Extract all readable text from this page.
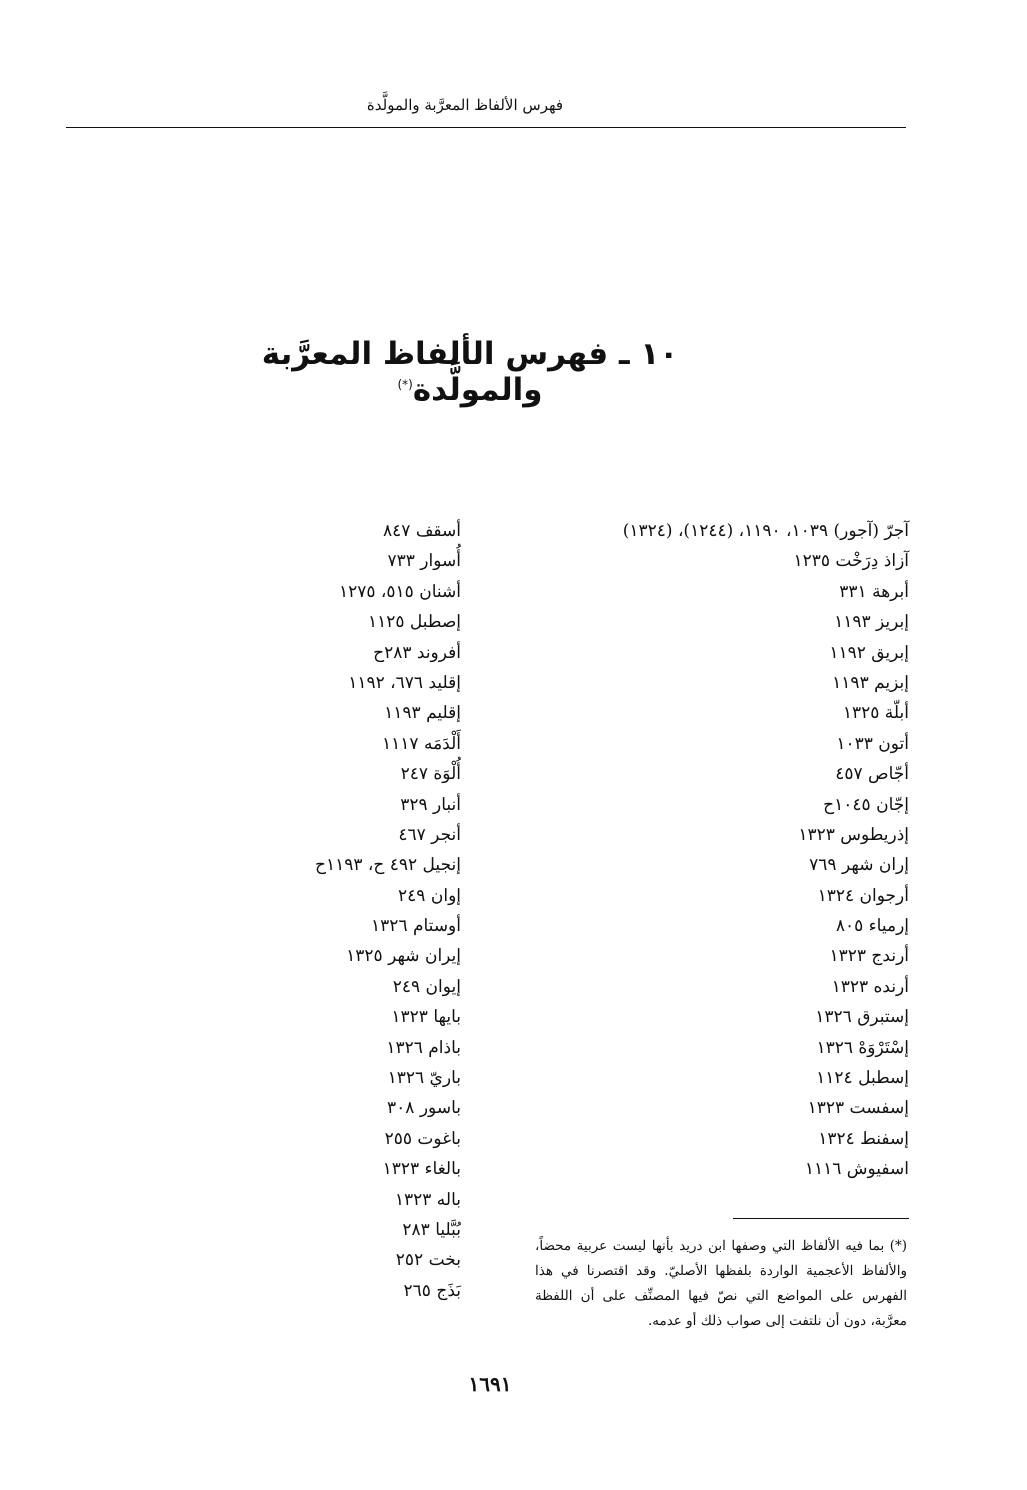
فهرس الألفاظ المعرَّبة والمولَّدة
١٠ ـ فهرس الألفاظ المعرَّبة والمولَّدة(*)
آجرّ (آجور) ١٠٣٩، ١١٩٠، (١٢٤٤)، (١٣٢٤)
آزاذ دِرَخْت ١٢٣٥
أبرهة ٣٣١
إبريز ١١٩٣
إبريق ١١٩٢
إبزيم ١١٩٣
أبلّة ١٣٢٥
أتون ١٠٣٣
أجّاص ٤٥٧
إجّان ١٠٤٥ح
إذريطوس ١٣٢٣
إران شهر ٧٦٩
أرجوان ١٣٢٤
إرمياء ٨٠٥
أرندج ١٣٢٣
أرنده ١٣٢٣
إستبرق ١٣٢٦
إسْتَرْوَهْ ١٣٢٦
إسطبل ١١٢٤
إسفست ١٣٢٣
إسفنط ١٣٢٤
اسفيوش ١١١٦
أسقف ٨٤٧
أُسوار ٧٣٣
أشنان ٥١٥، ١٢٧٥
إصطبل ١١٢٥
أفروند ٢٨٣ح
إقليد ٦٧٦، ١١٩٢
إقليم ١١٩٣
أَلْدَمَه ١١١٧
أُلْوَة ٢٤٧
أنبار ٣٢٩
أنجر ٤٦٧
إنجيل ٤٩٢ ح، ١١٩٣ح
إوان ٢٤٩
أوستام ١٣٢٦
إيران شهر ١٣٢٥
إيوان ٢٤٩
بايها ١٣٢٣
باذام ١٣٢٦
باريّ ١٣٢٦
باسور ٣٠٨
باغوت ٢٥٥
بالغاء ١٣٢٣
باله ١٣٢٣
بُبَّليا ٢٨٣
بخت ٢٥٢
بَذَج ٢٦٥
(*) بما فيه الألفاظ التي وصفها ابن دريد بأنها ليست عربية محضاً، والألفاظ الأعجمية الواردة بلفظها الأصليّ. وقد اقتصرنا في هذا الفهرس على المواضع التي نصّ فيها المصنِّف على أن اللفظة معرَّبة، دون أن نلتفت إلى صواب ذلك أو عدمه.
١٦٩١
